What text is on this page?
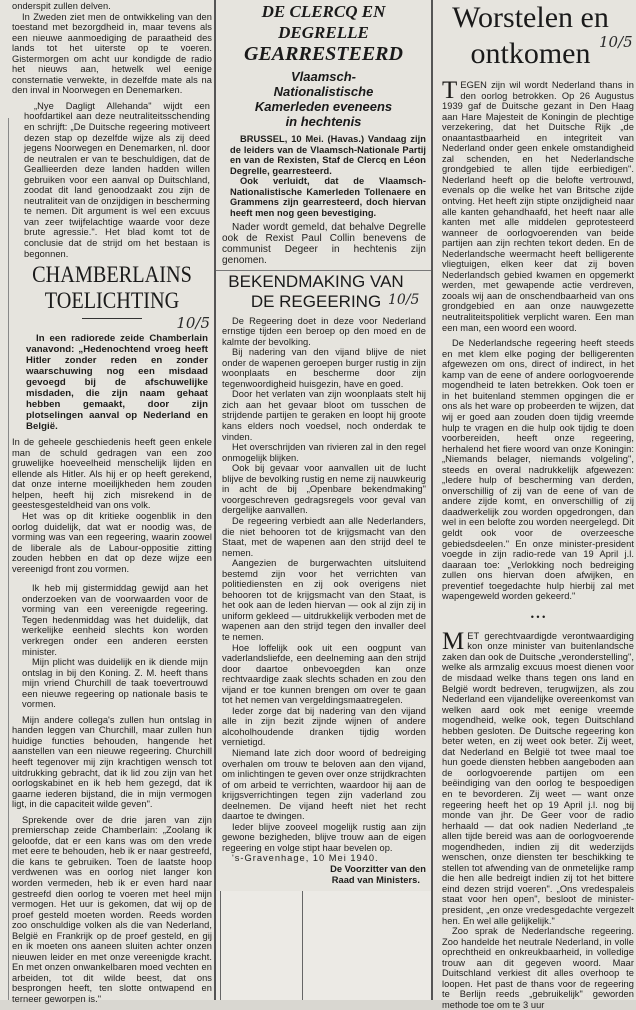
onderspit zullen delven.

In Zweden ziet men de ontwikkeling van den toestand met bezorgdheid in, maar tevens als een nieuwe aanmoediging de paraatheid des lands tot het uiterste op te voeren. Gistermorgen om acht uur kondigde de radio het nieuws aan, hetwelk wel eenige consternatie verwekte, in dezelfde mate als na den inval in Noorwegen en Denemarken.

„Nye Dagligt Allehanda" wijdt een hoofdartikel aan deze neutraliteitsschending en schrijft: „De Duitsche regeering motiveert dezen stap op dezelfde wijze als zij deed jegens Noorwegen en Denemarken, nl. door de neutralen er van te beschuldigen, dat de Geallieerden deze landen hadden willen gebruiken voor een aanval op Duitschland, zoodat dit land genoodzaakt zou zijn de neutraliteit van de onzijdigen in bescherming te nemen. Dit argument is wel een excuus van zeer twijfelachtige waarde voor deze brute agressie.". Het blad komt tot de conclusie dat de strijd om het bestaan is begonnen.

CHAMBERLAINS
TOELICHTING
10/5

In een radiorede zeide Chamberlain vanavond: „Hedenochtend vroeg heeft Hitler zonder reden en zonder waarschuwing nog een misdaad gevoegd bij de afschuwelijke misdaden, die zijn naam gehaat hebben gemaakt, door zijn plotselingen aanval op Nederland en België.

In de geheele geschiedenis heeft geen enkele man de schuld gedragen van een zoo gruwelijke hoeveelheid menschelijk lijden en ellende als Hitler. Als hij er op heeft gerekend, dat onze interne moeilijkheden hem zouden helpen, heeft hij zich misrekend in de geestesgesteldheid van ons volk.

Het was op dit kritieke oogenblik in den oorlog duidelijk, dat wat er noodig was, de vorming was van een regeering, waarin zoowel de liberale als de Labour-oppositie zitting zouden hebben en dat op deze wijze een vereenigd front zou vormen.

Ik heb mij gistermiddag gewijd aan het onderzoeken van de voorwaarden voor de vorming van een vereenigde regeering. Tegen hedenmiddag was het duidelijk, dat werkelijke eenheid slechts kon worden verkregen onder een anderen eersten minister.

Mijn plicht was duidelijk en ik diende mijn ontslag in bij den Koning. Z. M. heeft thans mijn vriend Churchill de taak toevertrouwd een nieuwe regeering op nationale basis te vormen.

Mijn andere collega's zullen hun ontslag in handen leggen van Churchill, maar zullen hun huidige functies behouden, hangende het aanstellen van een nieuwe regeering. Churchill heeft tegenover mij zijn krachtigen wensch tot uitdrukking gebracht, dat ik lid zou zijn van het oorlogskabinet en ik heb hem gezegd, dat ik gaarne iederen bijstand, die in mijn vermogen ligt, in die capaciteit wilde geven".

Sprekende over de drie jaren van zijn premierschap zeide Chamberlain: „Zoolang ik geloofde, dat er een kans was om den vrede met eere te behouden, heb ik er naar gestreefd, die kans te gebruiken. Toen de laatste hoop verdwenen was en oorlog niet langer kon worden vermeden, heb ik er even hard naar gestreefd dien oorlog te voeren met heel mijn vermogen. Het uur is gekomen, dat wij op de proef gesteld moeten worden. Reeds worden zoo onschuldige volken als die van Nederland, België en Frankrijk op de proef gesteld, en gij en ik moeten ons aaneen sluiten achter onzen nieuwen leider en met onze vereenigde kracht. En met onzen onwankelbaren moed vechten en arbeiden, tot dit wilde beest, dat ons besprongen heeft, ten slotte ontwapend en terneer geworpen is."

DE CLERCQ EN DEGRELLE
GEARRESTEERD
Vlaamsch-Nationalistische Kamerleden eveneens in hechtenis

BRUSSEL, 10 Mei. (Havas.) Vandaag zijn de leiders van de Vlaamsch-Nationale Partij en van de Rexisten, Staf de Clercq en Léon Degrelle, gearresteerd.

Ook verluidt, dat de Vlaamsch-Nationalistische Kamerleden Tollenaere en Grammens zijn gearresteerd, doch hiervan heeft men nog geen bevestiging.

Nader wordt gemeld, dat behalve Degrelle ook de Rexist Paul Collin benevens de communist Degeer in hechtenis zijn genomen.

BEKENDMAKING VAN
DE REGEERING 10/5

De Regeering doet in deze voor Nederland ernstige tijden een beroep op den moed en de kalmte der bevolking.

Bij nadering van den vijand blijve de niet onder de wapenen geroepen burger rustig in zijn woonplaats en bescherme door zijn tegenwoordigheid huisgezin, have en goed.

Door het verlaten van zijn woonplaats stelt hij zich aan het gevaar bloot om tusschen de strijdende partijen te geraken en loopt hij groote kans elders noch voedsel, noch onderdak te vinden.

Het overschrijden van rivieren zal in den regel onmogelijk blijken.

Ook bij gevaar voor aanvallen uit de lucht blijve de bevolking rustig en neme zij nauwkeurig in acht de bij „Openbare bekendmaking" voorgeschreven gedragsregels voor geval van dergelijke aanvallen.

De regeering verbiedt aan alle Nederlanders, die niet behooren tot de krijgsmacht van den Staat, met de wapenen aan den strijd deel te nemen.

Aangezien de burgerwachten uitsluitend bestemd zijn voor het verrichten van politiediensten en zij ook overigens niet behooren tot de krijgsmacht van den Staat, is het ook aan de leden hiervan — ook al zijn zij in uniform gekleed — uitdrukkelijk verboden met de wapenen aan den strijd tegen den invaller deel te nemen.

Hoe loffelijk ook uit een oogpunt van vaderlandsliefde, een deelneming aan den strijd door daartoe onbevoegden kan onze rechtvaardige zaak slechts schaden en zou den vijand er toe kunnen brengen om over te gaan tot het nemen van vergeldingsmaatregelen.

Ieder zorge dat bij nadering van den vijand alle in zijn bezit zijnde wijnen of andere alcoholhoudende dranken tijdig worden vernietigd.

Niemand late zich door woord of bedreiging overhalen om trouw te beloven aan den vijand, om inlichtingen te geven over onze strijdkrachten of om arbeid te verrichten, waardoor hij aan de krijgsverrichtingen tegen zijn vaderland zou deelnemen. De vijand heeft niet het recht daartoe te dwingen.

Ieder blijve zooveel mogelijk rustig aan zijn gewone bezigheden, blijve trouw aan de eigen regeering en volge stipt haar bevelen op.

's-Gravenhage, 10 Mei 1940.

De Voorzitter van den

Raad van Ministers.

Worstelen en
ontkomen 10/5

TEGEN zijn wil wordt Nederland thans in den oorlog betrokken. Op 26 Augustus 1939 gaf de Duitsche gezant in Den Haag aan Hare Majesteit de Koningin de plechtige verzekering, dat het Duitsche Rijk „de onaantastbaarheid en integriteit van Nederland onder geen enkele omstandigheid zal schenden, en het Nederlandsche grondgebied te allen tijde eerbiedigen". Nederland heeft op die belofte vertrouwd, evenals op die welke het van Britsche zijde ontving. Het heeft zijn stipte onzijdigheid naar alle kanten gehandhaafd, het heeft naar alle kanten met alle middelen geprotesteerd wanneer de oorlogvoerenden van beide partijen aan zijn rechten tekort deden. En de Nederlandsche weermacht heeft belligerente vliegtuigen, elken keer dat zij boven Nederlandsch gebied kwamen en opgemerkt werden, met gewapende actie verdreven, zooals wij aan de onschendbaarheid van ons grondgebied en aan onze nauwgezette neutraliteitspolitiek verplicht waren. Een man een man, een woord een woord.

De Nederlandsche regeering heeft steeds en met klem elke poging der belligerenten afgewezen om ons, direct of indirect, in het kamp van de eene of andere oorlogvoerende mogendheid te laten betrekken. Ook toen er in het buitenland stemmen opgingen die er ons als het ware op probeerden te wijzen, dat wij er goed aan zouden doen tijdig vreemde hulp te vragen en die hulp ook tijdig te doen voorbereiden, heeft onze regeering, herhalend het fiere woord van onze Koningin: „Niemands belager, niemands volgeling", steeds en overal nadrukkelijk afgewezen: „Iedere hulp of bescherming van derden, onverschillig of zij van de eene of van de andere zijde komt, en onverschillig of zij daadwerkelijk zou worden opgedrongen, dan wel in een belofte zou worden neergelegd. Dit geldt ook voor de overzeesche gebiedsdeelen." En onze minister-president voegde in zijn radio-rede van 19 April j.l. daaraan toe: „Verlokking noch bedreiging zullen ons hiervan doen afwijken, en preventief toegedachte hulp hierbij zal met wapengeweld worden gekeerd."

• • •

MET gerechtvaardigde verontwaardiging kon onze minister van buitenlandsche zaken dan ook de Duitsche „veronderstelling", welke als armzalig excuus moest dienen voor de misdaad welke thans tegen ons land en België wordt bedreven, terugwijzen, als zou Nederland een vijandelijke overeenkomst van welken aard ook met eenige vreemde mogendheid, welke ook, tegen Duitschland hebben gesloten. De Duitsche regeering kon beter weten, en zij weet ook beter. Zij weet, dat Nederland en België tot twee maal toe hun goede diensten hebben aangeboden aan de oorlogvoerende partijen om een beëindiging van den oorlog te bespoedigen en te bevorderen. Zij weet — want onze regeering heeft het op 19 April j.l. nog bij monde van jhr. De Geer voor de radio herhaald — dat ook nadien Nederland „te allen tijde bereid was aan de oorlogvoerende mogendheden, indien zij dit wederzijds wenschen, onze diensten ter beschikking te stellen tot afwending van de onmetelijke ramp die hen alle bedreigt indien zij tot het bittere eind dezen strijd voeren". „Ons vredespaleis staat voor hen open", besloot de minister-president, „en onze vredesgedachte vergezelt hen. En wel alle gelijkelijk."

Zoo sprak de Nederlandsche regeering. Zoo handelde het neutrale Nederland, in volle oprechtheid en onkreukbaarheid, in volledige trouw aan dit gegeven woord. Maar Duitschland verkiest dit alles overhoop te loopen. Het past de thans voor de regeering te Berlijn reeds „gebruikelijk" geworden methode toe om te 3 uur
